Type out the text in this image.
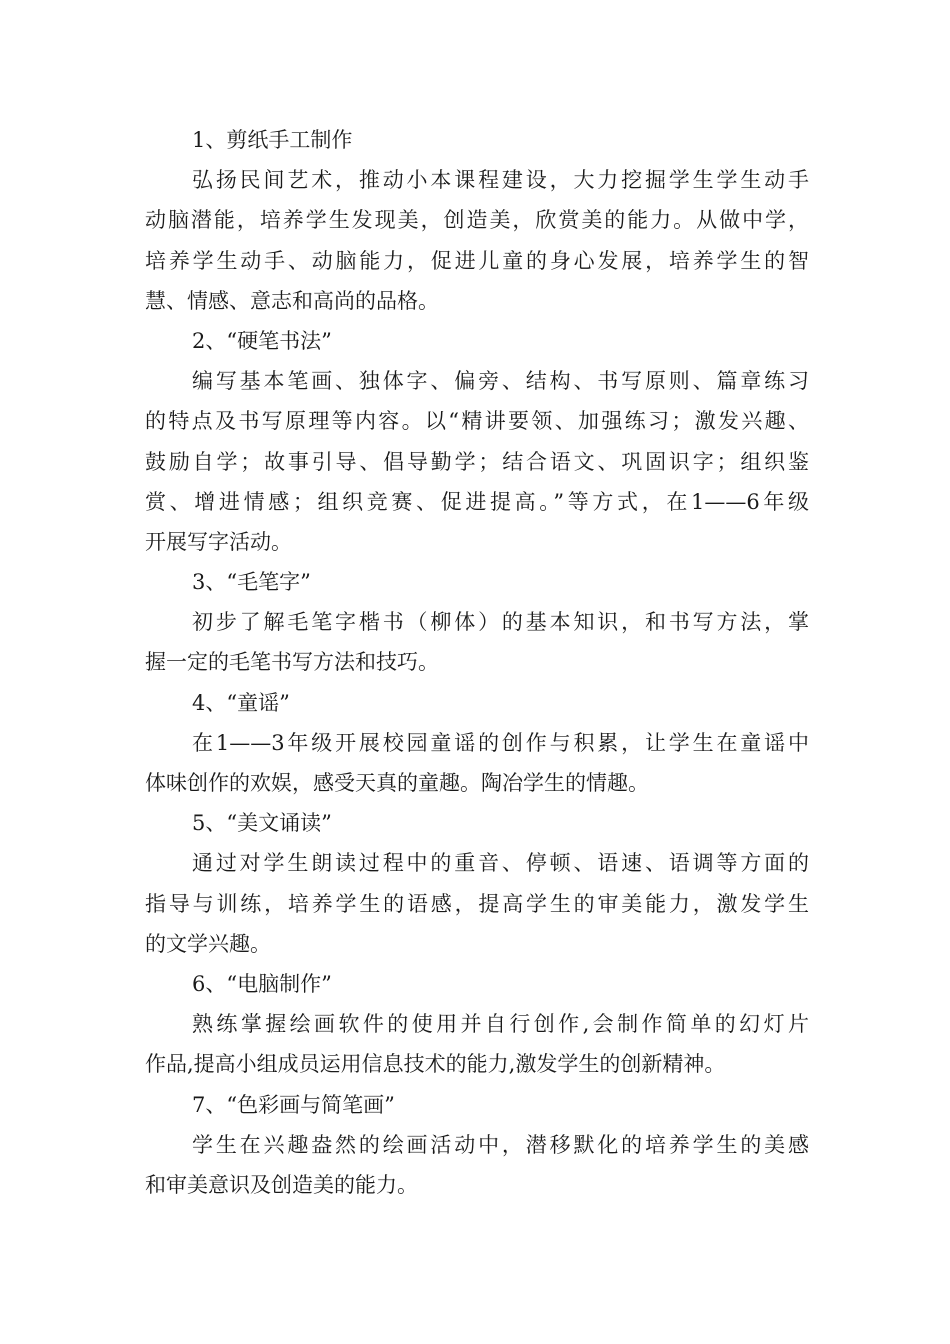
1、剪纸手工制作
弘扬民间艺术，推动小本课程建设，大力挖掘学生学生动手
动脑潜能，培养学生发现美，创造美，欣赏美的能力。从做中学，
培养学生动手、动脑能力，促进儿童的身心发展，培养学生的智
慧、情感、意志和高尚的品格。
2、“硬笔书法”
编写基本笔画、独体字、偏旁、结构、书写原则、篇章练习
的特点及书写原理等内容。以“精讲要领、加强练习；激发兴趣、
鼓励自学；故事引导、倡导勤学；结合语文、巩固识字；组织鉴
赏、增进情感；组织竞赛、促进提高。”等方式，在1——6年级
开展写字活动。
3、“毛笔字”
初步了解毛笔字楷书（柳体）的基本知识，和书写方法，掌
握一定的毛笔书写方法和技巧。
4、“童谣”
在1——3年级开展校园童谣的创作与积累，让学生在童谣中
体味创作的欢娱，感受天真的童趣。陶冶学生的情趣。
5、“美文诵读”
通过对学生朗读过程中的重音、停顿、语速、语调等方面的
指导与训练，培养学生的语感，提高学生的审美能力，激发学生
的文学兴趣。
6、“电脑制作”
熟练掌握绘画软件的使用并自行创作,会制作简单的幻灯片
作品,提高小组成员运用信息技术的能力,激发学生的创新精神。
7、“色彩画与简笔画”
学生在兴趣盎然的绘画活动中，潜移默化的培养学生的美感
和审美意识及创造美的能力。
